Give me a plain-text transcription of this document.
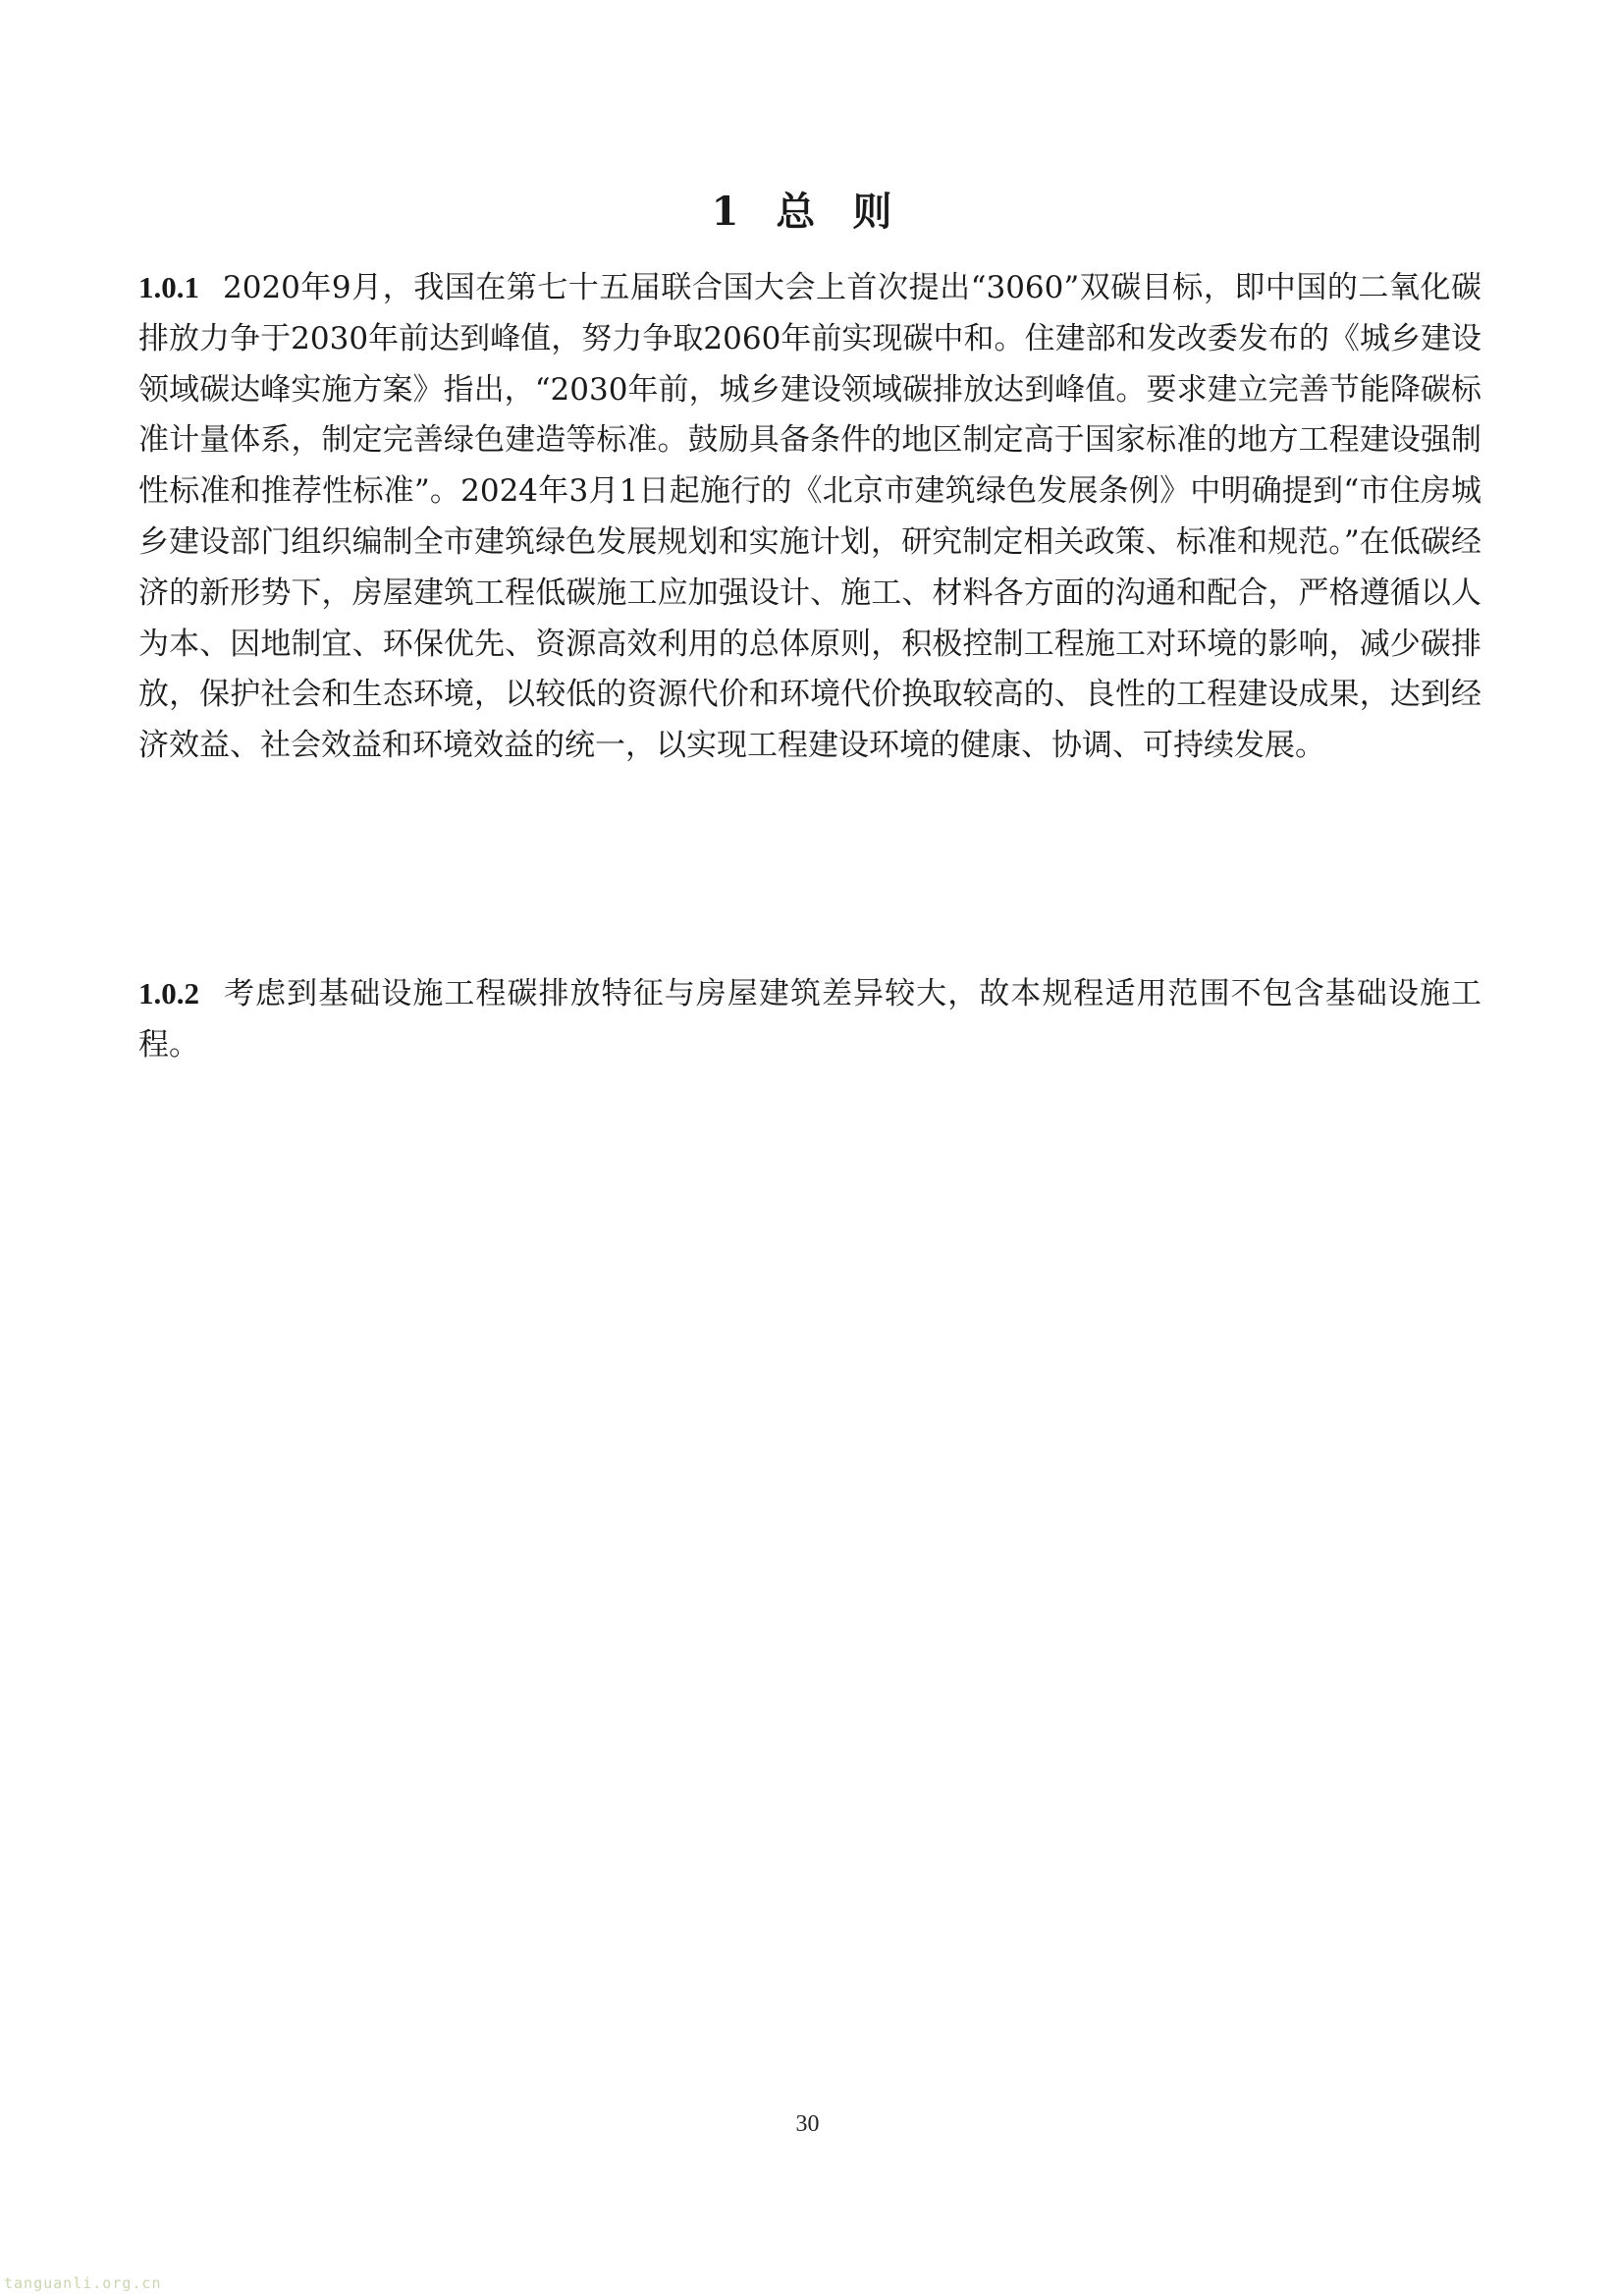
1 总 则

1.0.1 2020年9月，我国在第七十五届联合国大会上首次提出“3060”双碳目标，即中国的二氧化碳排放力争于2030年前达到峰值，努力争取2060年前实现碳中和。住建部和发改委发布的《城乡建设领域碳达峰实施方案》指出，“2030年前，城乡建设领域碳排放达到峰值。要求建立完善节能降碳标准计量体系，制定完善绿色建造等标准。鼓励具备条件的地区制定高于国家标准的地方工程建设强制性标准和推荐性标准”。2024年3月1日起施行的《北京市建筑绿色发展条例》中明确提到“市住房城乡建设部门组织编制全市建筑绿色发展规划和实施计划，研究制定相关政策、标准和规范。”在低碳经济的新形势下，房屋建筑工程低碳施工应加强设计、施工、材料各方面的沟通和配合，严格遵循以人为本、因地制宜、环保优先、资源高效利用的总体原则，积极控制工程施工对环境的影响，减少碳排放，保护社会和生态环境，以较低的资源代价和环境代价换取较高的、良性的工程建设成果，达到经济效益、社会效益和环境效益的统一，以实现工程建设环境的健康、协调、可持续发展。

1.0.2 考虑到基础设施工程碳排放特征与房屋建筑差异较大，故本规程适用范围不包含基础设施工程。

30
tanguanli.org.cn
